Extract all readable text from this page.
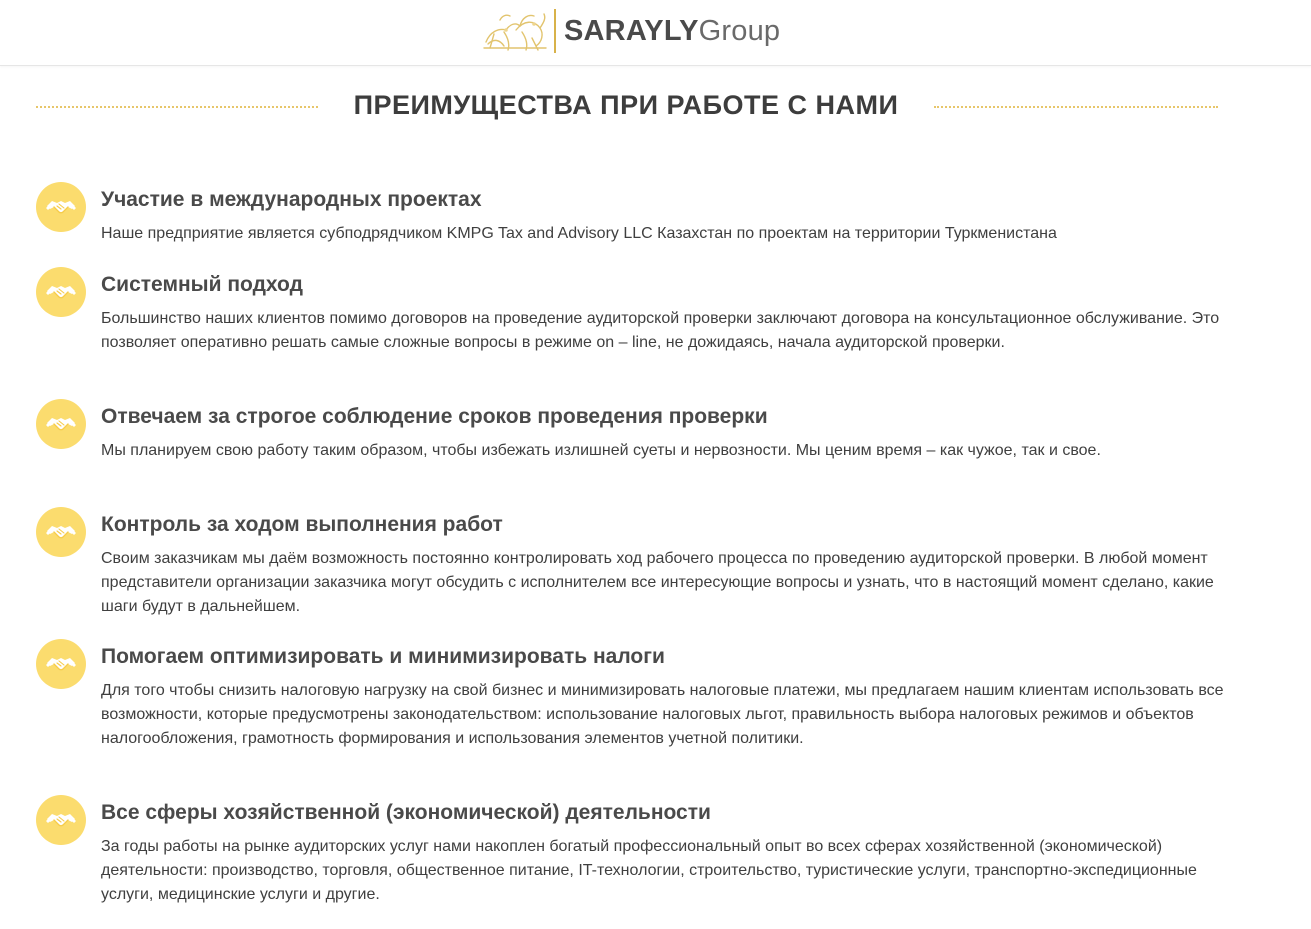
SARAYLYGroup
ПРЕИМУЩЕСТВА ПРИ РАБОТЕ С НАМИ
Участие в международных проектах

Наше предприятие является субподрядчиком KMPG Tax and Advisory LLC Казахстан по проектам на территории Туркменистана

Системный подход

Большинство наших клиентов помимо договоров на проведение аудиторской проверки заключают договора на консультационное обслуживание. Это позволяет оперативно решать самые сложные вопросы в режиме on – line, не дожидаясь, начала аудиторской проверки.

Отвечаем за строгое соблюдение сроков проведения проверки

Мы планируем свою работу таким образом, чтобы избежать излишней суеты и нервозности. Мы ценим время – как чужое, так и свое.

Контроль за ходом выполнения работ

Своим заказчикам мы даём возможность постоянно контролировать ход рабочего процесса по проведению аудиторской проверки. В любой момент представители организации заказчика могут обсудить с исполнителем все интересующие вопросы и узнать, что в настоящий момент сделано, какие шаги будут в дальнейшем.

Помогаем оптимизировать и минимизировать налоги

Для того чтобы снизить налоговую нагрузку на свой бизнес и минимизировать налоговые платежи, мы предлагаем нашим клиентам использовать все возможности, которые предусмотрены законодательством: использование налоговых льгот, правильность выбора налоговых режимов и объектов налогообложения, грамотность формирования и использования элементов учетной политики.

Все сферы хозяйственной (экономической) деятельности

За годы работы на рынке аудиторских услуг нами накоплен богатый профессиональный опыт во всех сферах хозяйственной (экономической) деятельности: производство, торговля, общественное питание, IT-технологии, строительство, туристические услуги, транспортно-экспедиционные услуги, медицинские услуги и другие.
